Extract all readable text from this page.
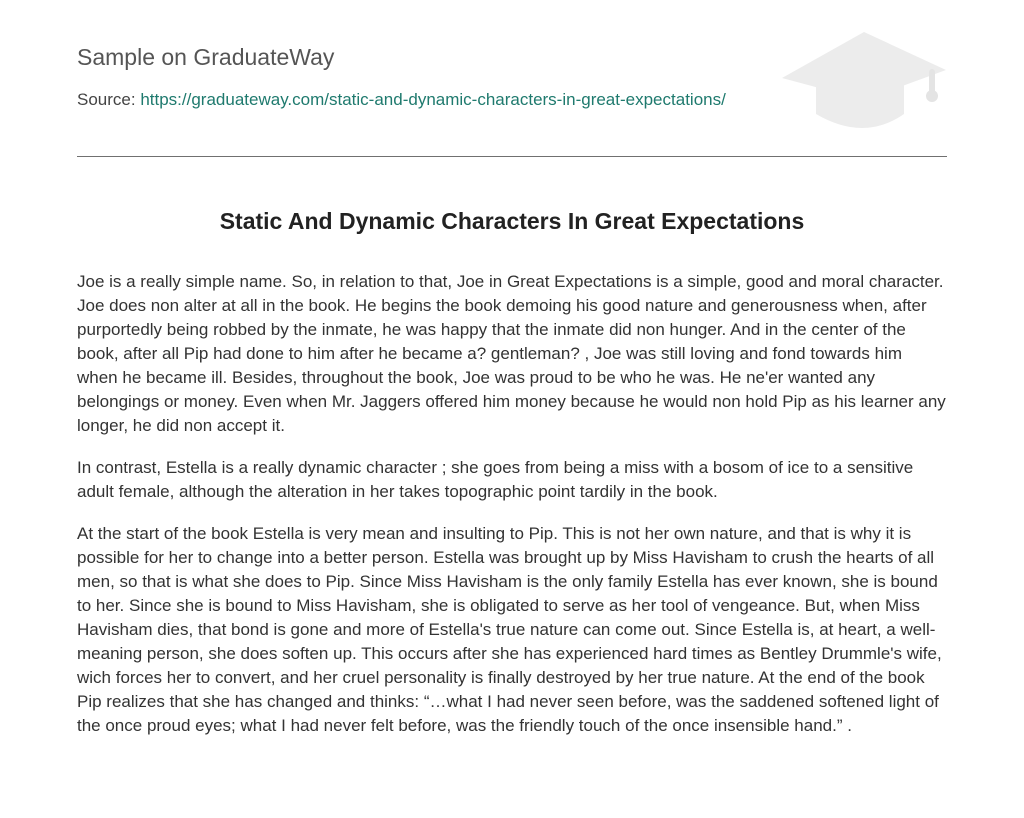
Sample on GraduateWay
Source: https://graduateway.com/static-and-dynamic-characters-in-great-expectations/
Static And Dynamic Characters In Great Expectations

Joe is a really simple name. So, in relation to that, Joe in Great Expectations is a simple, good and moral character. Joe does non alter at all in the book. He begins the book demoing his good nature and generousness when, after purportedly being robbed by the inmate, he was happy that the inmate did non hunger. And in the center of the book, after all Pip had done to him after he became a? gentleman? , Joe was still loving and fond towards him when he became ill. Besides, throughout the book, Joe was proud to be who he was. He ne'er wanted any belongings or money. Even when Mr. Jaggers offered him money because he would non hold Pip as his learner any longer, he did non accept it.

In contrast, Estella is a really dynamic character ; she goes from being a miss with a bosom of ice to a sensitive adult female, although the alteration in her takes topographic point tardily in the book.

At the start of the book Estella is very mean and insulting to Pip. This is not her own nature, and that is why it is possible for her to change into a better person. Estella was brought up by Miss Havisham to crush the hearts of all men, so that is what she does to Pip. Since Miss Havisham is the only family Estella has ever known, she is bound to her. Since she is bound to Miss Havisham, she is obligated to serve as her tool of vengeance. But, when Miss Havisham dies, that bond is gone and more of Estella's true nature can come out. Since Estella is, at heart, a well-meaning person, she does soften up. This occurs after she has experienced hard times as Bentley Drummle's wife, wich forces her to convert, and her cruel personality is finally destroyed by her true nature. At the end of the book Pip realizes that she has changed and thinks: “…what I had never seen before, was the saddened softened light of the once proud eyes; what I had never felt before, was the friendly touch of the once insensible hand.” .
